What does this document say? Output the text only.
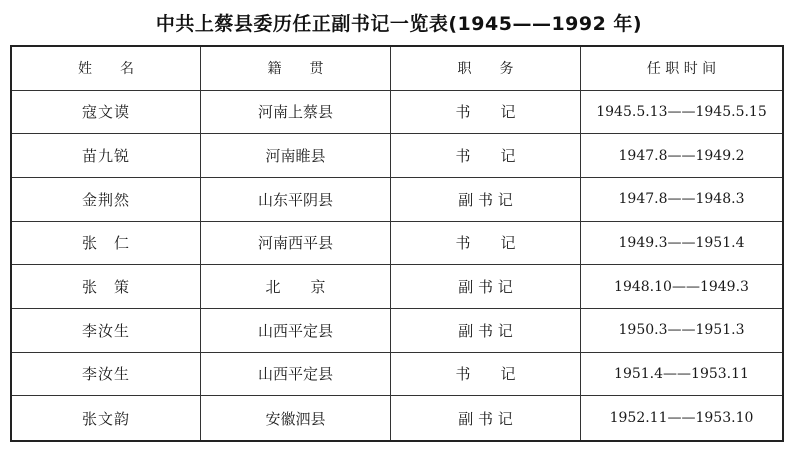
中共上蔡县委历任正副书记一览表(1945——1992 年)
姓　　名	籍　　贯	职　　务	任 职 时 间
寇文谟	河南上蔡县	书　　记	1945.5.13——1945.5.15
苗九锐	河南睢县	书　　记	1947.8——1949.2
金荆然	山东平阴县	副 书 记	1947.8——1948.3
张　仁	河南西平县	书　　记	1949.3——1951.4
张　策	北　　京	副 书 记	1948.10——1949.3
李汝生	山西平定县	副 书 记	1950.3——1951.3
李汝生	山西平定县	书　　记	1951.4——1953.11
张文韵	安徽泗县	副 书 记	1952.11——1953.10
